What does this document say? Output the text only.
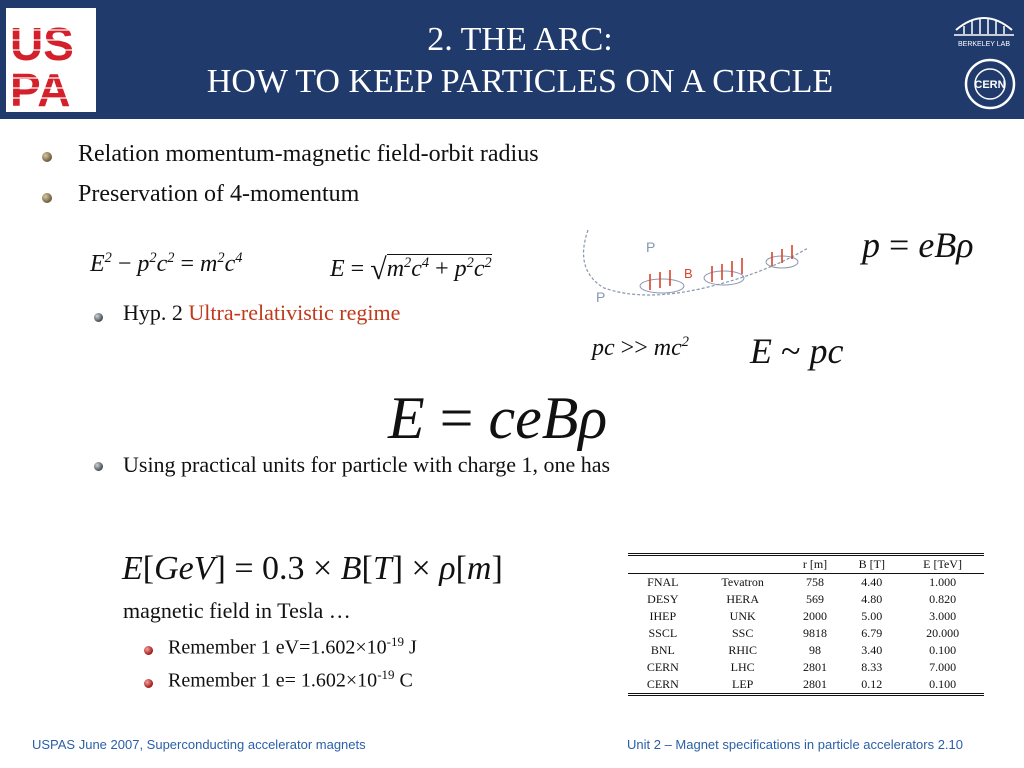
US
PA
2. THE ARC:
HOW TO KEEP PARTICLES ON A CIRCLE
BERKELEY LAB
CERN
Relation momentum-magnetic field-orbit radius
Preservation of 4-momentum
$E^2 - p^2c^2 = m^2c^4$	$E = √m^2c^4 + p^2c^2$	p = eBρ
P
B
P
Hyp. 2 Ultra-relativistic regime
pc >> $mc^2$ E ~ pc
E = ceBρ
Using practical units for particle with charge 1, one has
E[GeV] = 0.3 × B[T] × ρ[m]
magnetic field in Tesla …
Remember 1 $eV=1.602\times 10^{-19}$ J
Remember 1 $e= 1.602\times 10^{-19}$ C
		r [m]	B [T]	E [TeV]
FNAL	Tevatron	758	4.40	1.000
DESY	HERA	569	4.80	0.820
IHEP	UNK	2000	5.00	3.000
SSCL	SSC	9818	6.79	20.000
BNL	RHIC	98	3.40	0.100
CERN	LHC	2801	8.33	7.000
CERN	LEP	2801	0.12	0.100
USPAS June 2007, Superconducting accelerator magnets	Unit 2 – Magnet specifications in particle accelerators 2.10
